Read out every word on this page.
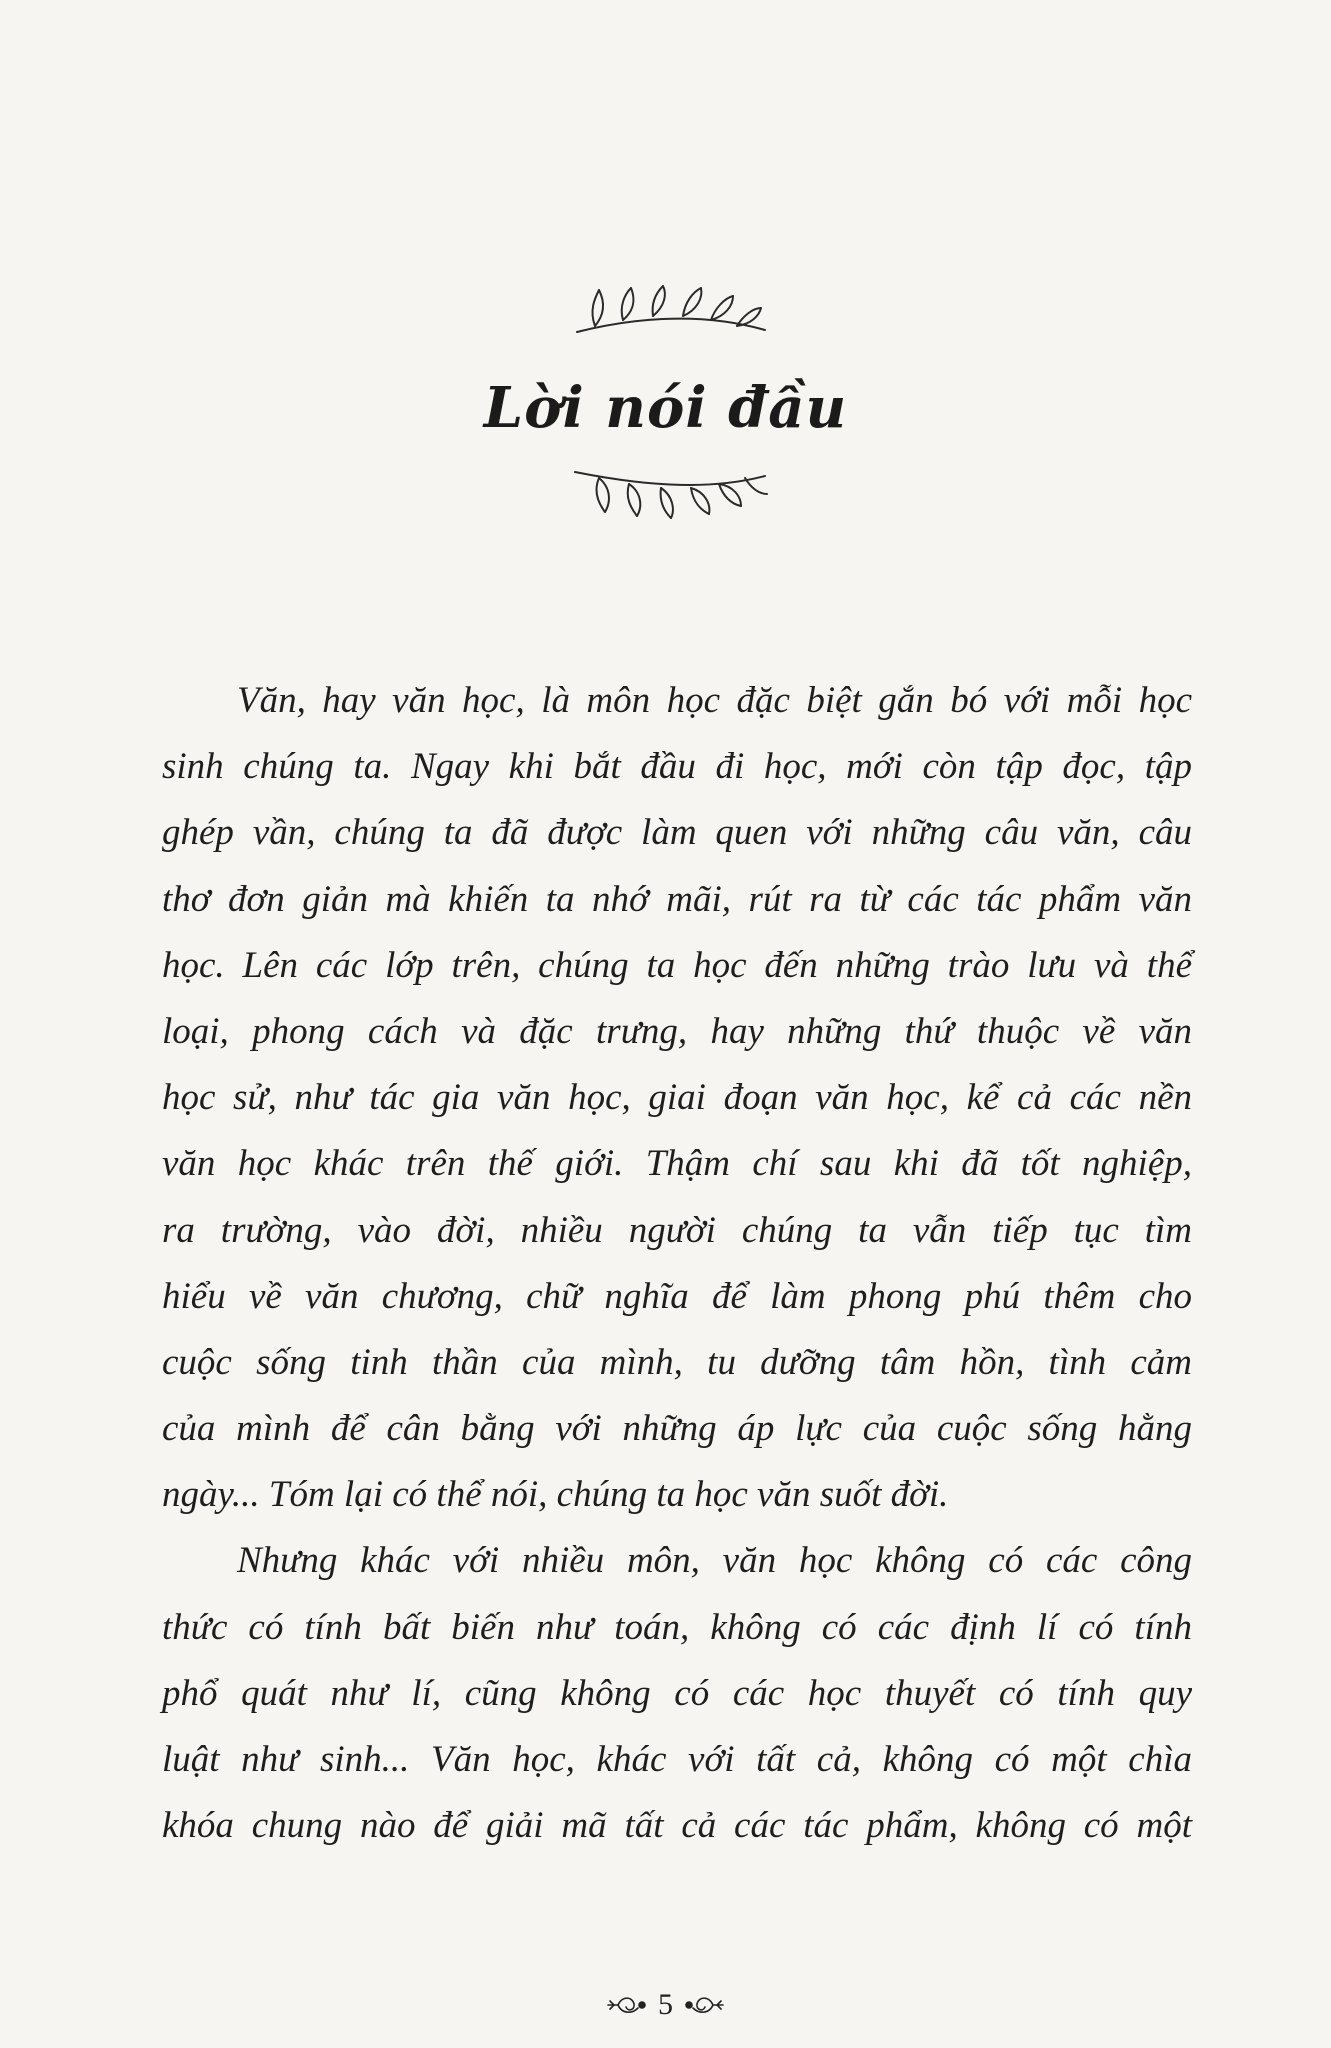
Lời nói đầu
Văn, hay văn học, là môn học đặc biệt gắn bó với mỗi học
sinh chúng ta. Ngay khi bắt đầu đi học, mới còn tập đọc, tập
ghép vần, chúng ta đã được làm quen với những câu văn, câu
thơ đơn giản mà khiến ta nhớ mãi, rút ra từ các tác phẩm văn
học. Lên các lớp trên, chúng ta học đến những trào lưu và thể
loại, phong cách và đặc trưng, hay những thứ thuộc về văn
học sử, như tác gia văn học, giai đoạn văn học, kể cả các nền
văn học khác trên thế giới. Thậm chí sau khi đã tốt nghiệp,
ra trường, vào đời, nhiều người chúng ta vẫn tiếp tục tìm
hiểu về văn chương, chữ nghĩa để làm phong phú thêm cho
cuộc sống tinh thần của mình, tu dưỡng tâm hồn, tình cảm
của mình để cân bằng với những áp lực của cuộc sống hằng
ngày... Tóm lại có thể nói, chúng ta học văn suốt đời.
Nhưng khác với nhiều môn, văn học không có các công
thức có tính bất biến như toán, không có các định lí có tính
phổ quát như lí, cũng không có các học thuyết có tính quy
luật như sinh... Văn học, khác với tất cả, không có một chìa
khóa chung nào để giải mã tất cả các tác phẩm, không có một
5
